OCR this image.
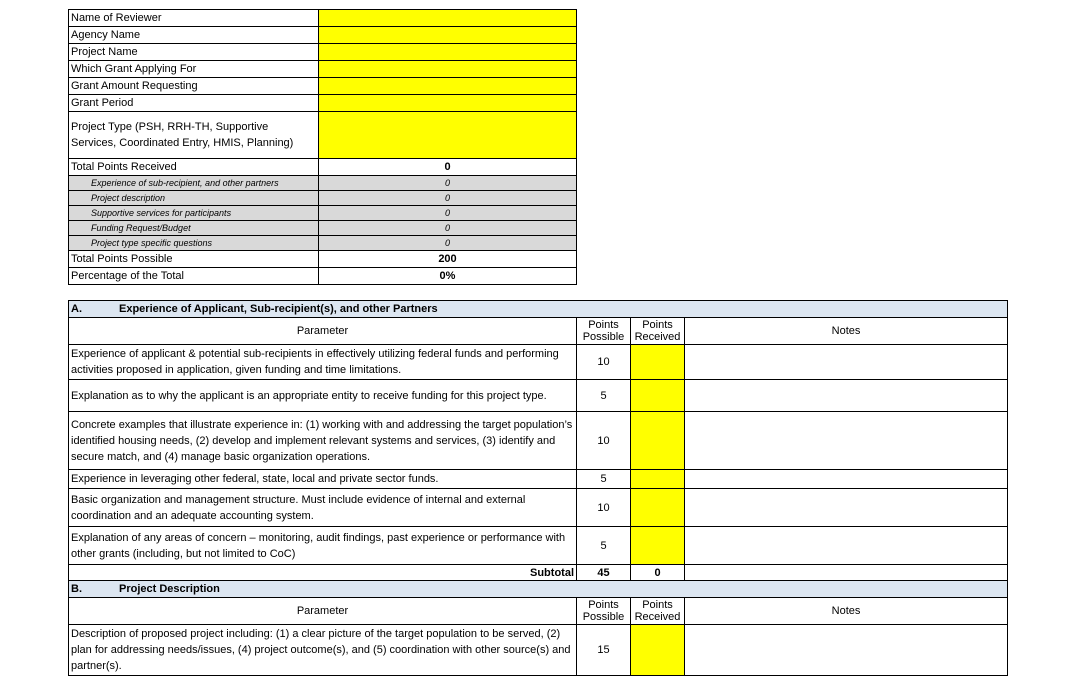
Name of Reviewer	
Agency Name	
Project Name	
Which Grant Applying For	
Grant Amount Requesting	
Grant Period	
Project Type (PSH, RRH-TH, Supportive Services, Coordinated Entry, HMIS, Planning)	
Total Points Received	0
Experience of sub-recipient, and other partners	0
Project description	0
Supportive services for participants	0
Funding Request/Budget	0
Project type specific questions	0
Total Points Possible	200
Percentage of the Total	0%
A. Experience of Applicant, Sub-recipient(s), and other Partners			
Parameter	Points Possible	Points Received	Notes
Experience of applicant & potential sub-recipients in effectively utilizing federal funds and performing activities proposed in application, given funding and time limitations.	10		
Explanation as to why the applicant is an appropriate entity to receive funding for this project type.	5		
Concrete examples that illustrate experience in: (1) working with and addressing the target population’s identified housing needs, (2) develop and implement relevant systems and services, (3) identify and secure match, and (4) manage basic organization operations.	10		
Experience in leveraging other federal, state, local and private sector funds.	5		
Basic organization and management structure. Must include evidence of internal and external coordination and an adequate accounting system.	10		
Explanation of any areas of concern – monitoring, audit findings, past experience or performance with other grants (including, but not limited to CoC)	5		
Subtotal	45	0	
B. Project Description			
Parameter	Points Possible	Points Received	Notes
Description of proposed project including: (1) a clear picture of the target population to be served, (2) plan for addressing needs/issues, (4) project outcome(s), and (5) coordination with other source(s) and partner(s).	15		
